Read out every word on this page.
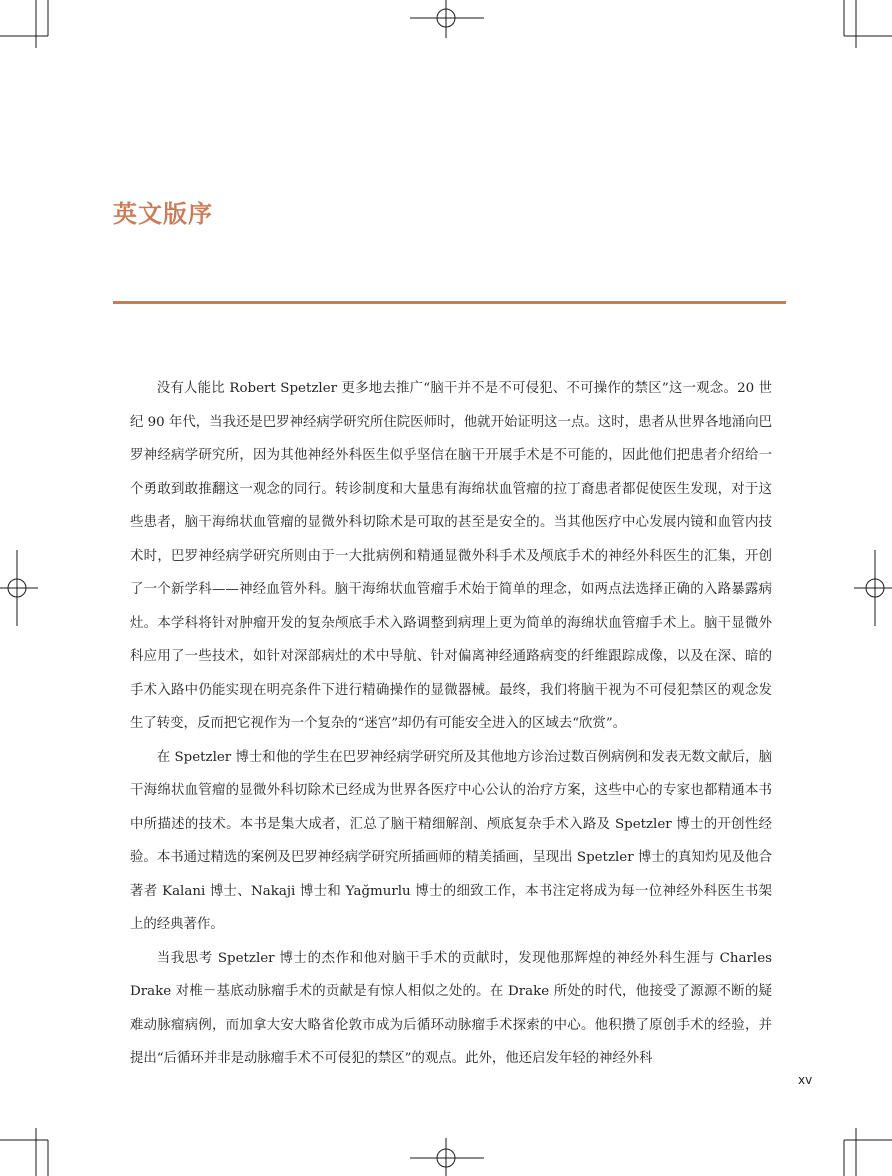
英文版序

没有人能比 Robert Spetzler 更多地去推广“脑干并不是不可侵犯、不可操作的禁区”这一观念。20 世纪 90 年代，当我还是巴罗神经病学研究所住院医师时，他就开始证明这一点。这时，患者从世界各地涌向巴罗神经病学研究所，因为其他神经外科医生似乎坚信在脑干开展手术是不可能的，因此他们把患者介绍给一个勇敢到敢推翻这一观念的同行。转诊制度和大量患有海绵状血管瘤的拉丁裔患者都促使医生发现，对于这些患者，脑干海绵状血管瘤的显微外科切除术是可取的甚至是安全的。当其他医疗中心发展内镜和血管内技术时，巴罗神经病学研究所则由于一大批病例和精通显微外科手术及颅底手术的神经外科医生的汇集，开创了一个新学科——神经血管外科。脑干海绵状血管瘤手术始于简单的理念，如两点法选择正确的入路暴露病灶。本学科将针对肿瘤开发的复杂颅底手术入路调整到病理上更为简单的海绵状血管瘤手术上。脑干显微外科应用了一些技术，如针对深部病灶的术中导航、针对偏离神经通路病变的纤维跟踪成像，以及在深、暗的手术入路中仍能实现在明亮条件下进行精确操作的显微器械。最终，我们将脑干视为不可侵犯禁区的观念发生了转变，反而把它视作为一个复杂的“迷宫”却仍有可能安全进入的区域去“欣赏”。

在 Spetzler 博士和他的学生在巴罗神经病学研究所及其他地方诊治过数百例病例和发表无数文献后，脑干海绵状血管瘤的显微外科切除术已经成为世界各医疗中心公认的治疗方案，这些中心的专家也都精通本书中所描述的技术。本书是集大成者，汇总了脑干精细解剖、颅底复杂手术入路及 Spetzler 博士的开创性经验。本书通过精选的案例及巴罗神经病学研究所插画师的精美插画，呈现出 Spetzler 博士的真知灼见及他合著者 Kalani 博士、Nakaji 博士和 Yağmurlu 博士的细致工作，本书注定将成为每一位神经外科医生书架上的经典著作。

当我思考 Spetzler 博士的杰作和他对脑干手术的贡献时，发现他那辉煌的神经外科生涯与 Charles Drake 对椎－基底动脉瘤手术的贡献是有惊人相似之处的。在 Drake 所处的时代，他接受了源源不断的疑难动脉瘤病例，而加拿大安大略省伦敦市成为后循环动脉瘤手术探索的中心。他积攒了原创手术的经验，并提出“后循环并非是动脉瘤手术不可侵犯的禁区”的观点。此外，他还启发年轻的神经外科

xv
